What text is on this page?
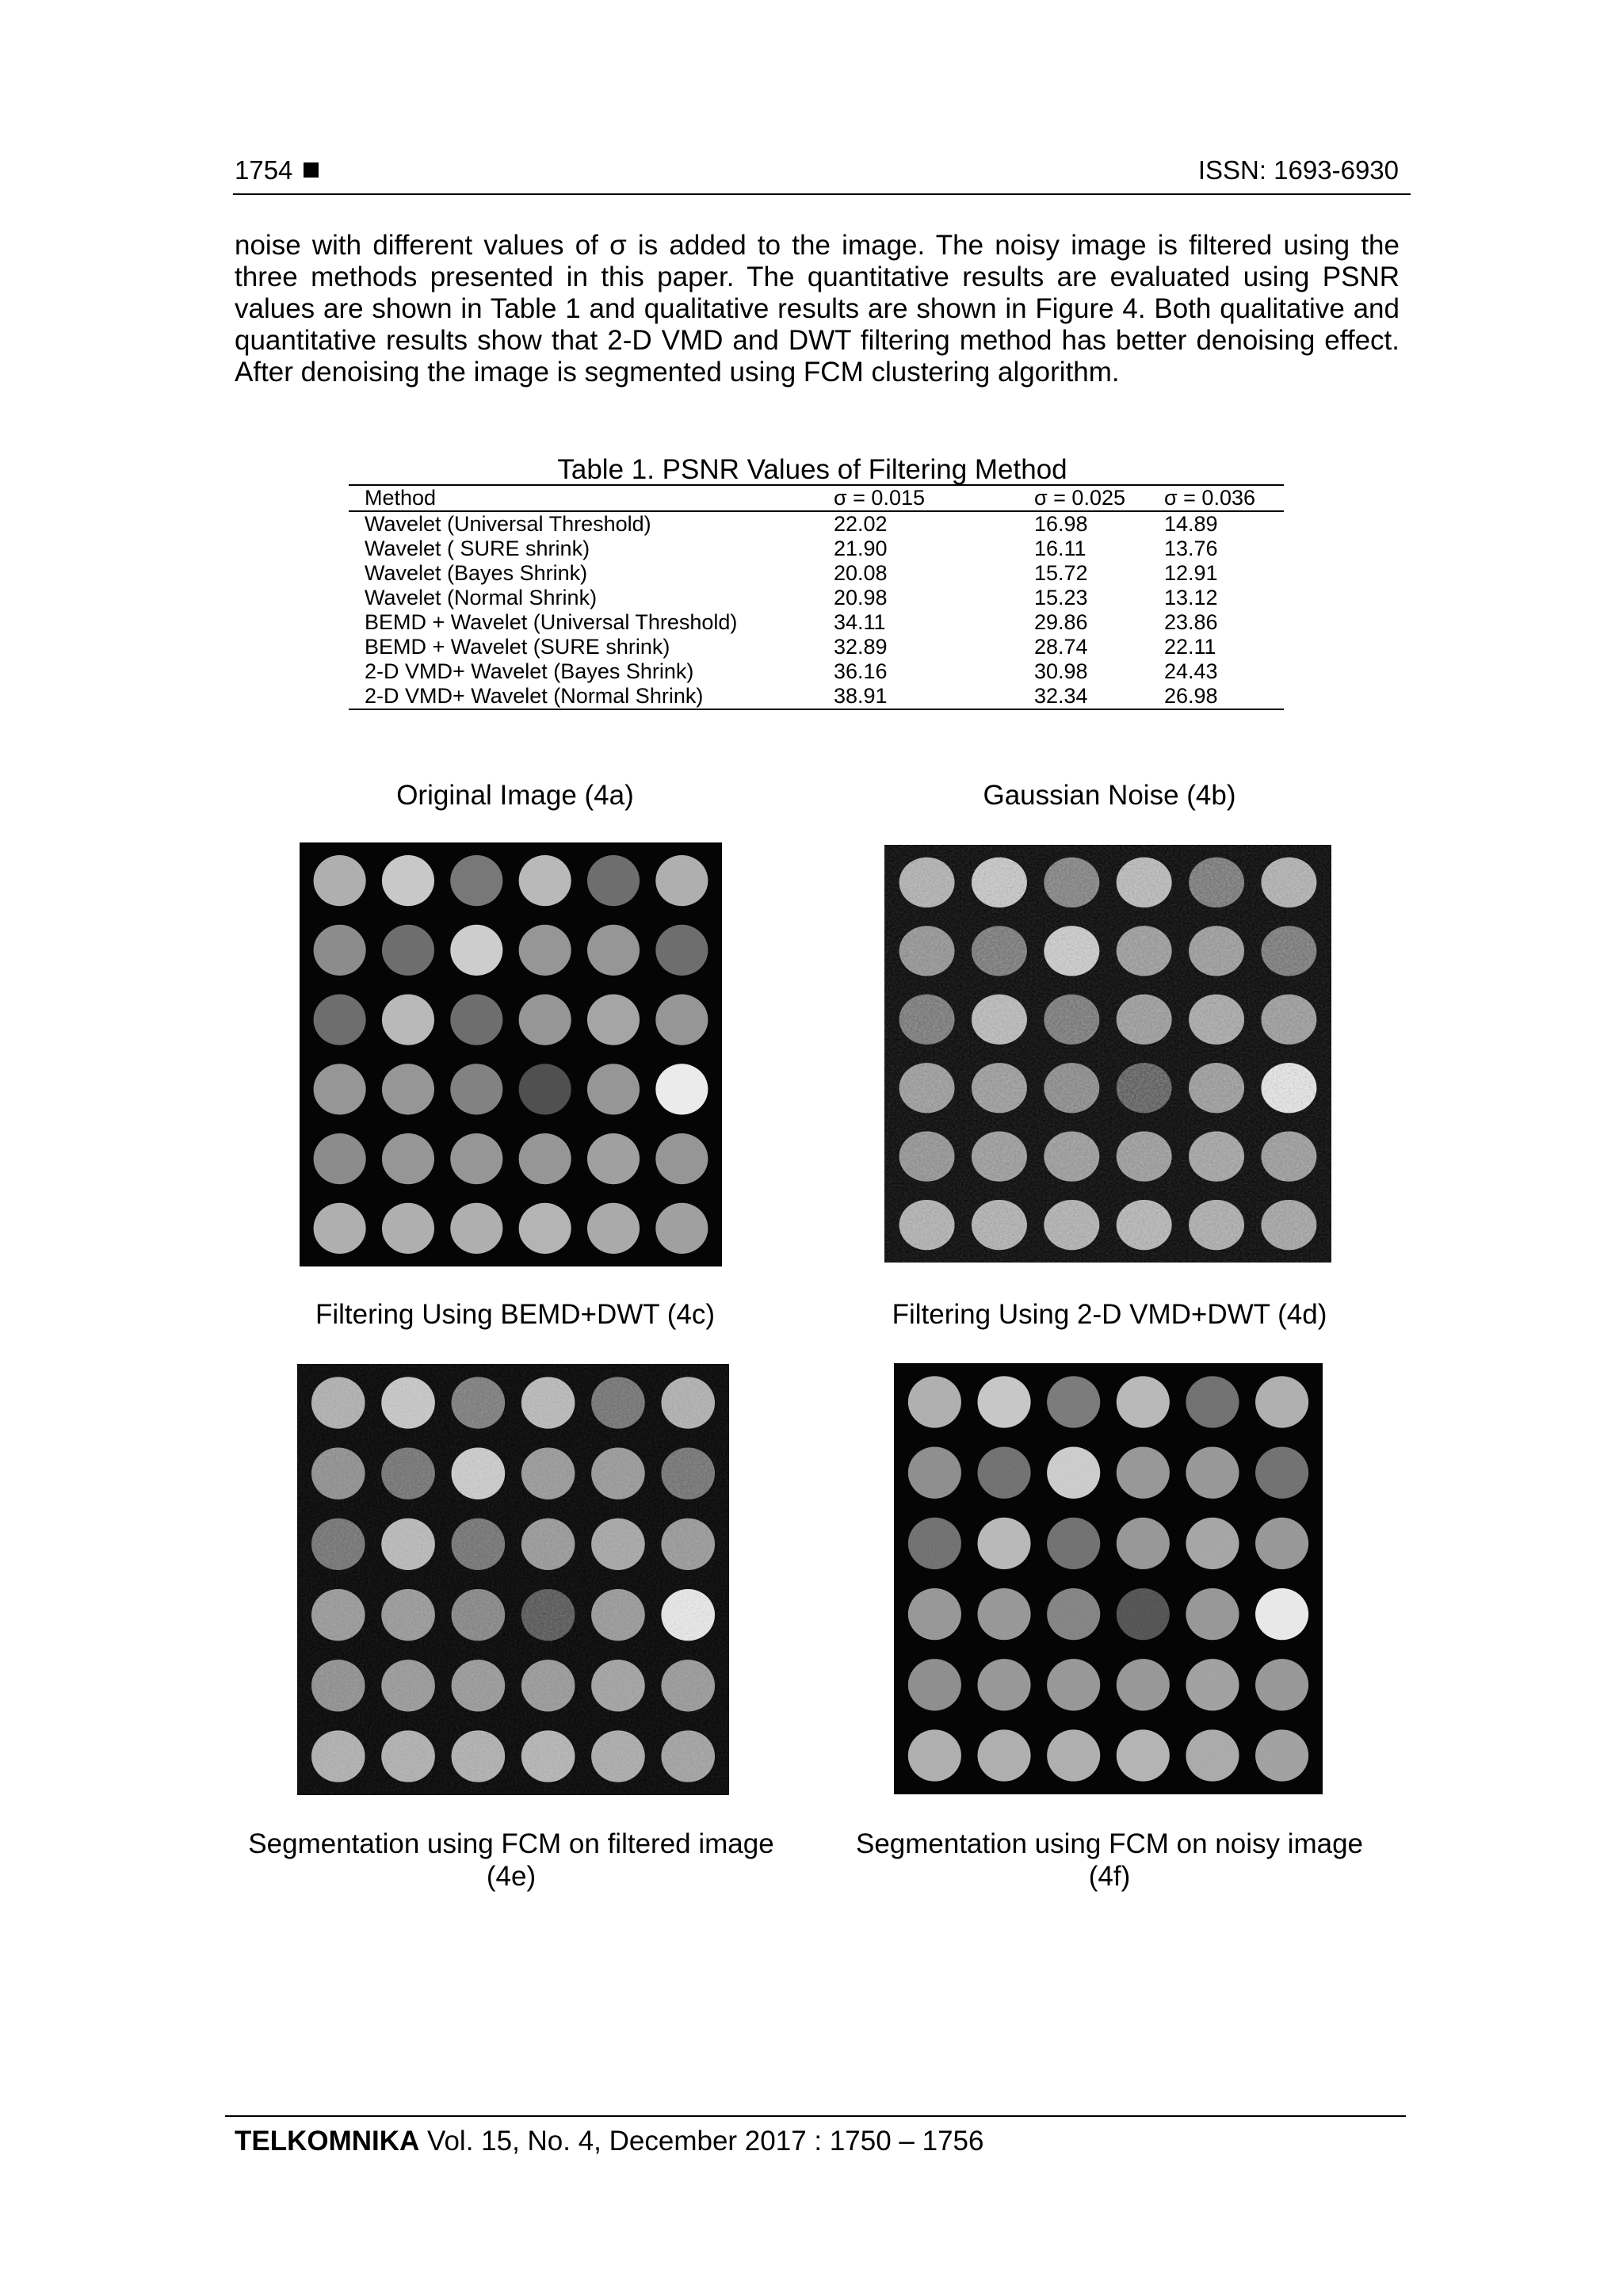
1754	ISSN: 1693-6930
noise with different values of σ is added to the image. The noisy image is filtered using the three methods presented in this paper. The quantitative results are evaluated using PSNR values are shown in Table 1 and qualitative results are shown in Figure 4. Both qualitative and quantitative results show that 2-D VMD and DWT filtering method has better denoising effect. After denoising the image is segmented using FCM clustering algorithm.
Table 1. PSNR Values of Filtering Method
Method	σ = 0.015	σ = 0.025	σ = 0.036
Wavelet (Universal Threshold)	22.02	16.98	14.89
Wavelet ( SURE shrink)	21.90	16.11	13.76
Wavelet (Bayes Shrink)	20.08	15.72	12.91
Wavelet (Normal Shrink)	20.98	15.23	13.12
BEMD + Wavelet (Universal Threshold)	34.11	29.86	23.86
BEMD + Wavelet (SURE shrink)	32.89	28.74	22.11
2-D VMD+ Wavelet (Bayes Shrink)	36.16	30.98	24.43
2-D VMD+ Wavelet (Normal Shrink)	38.91	32.34	26.98
Original Image (4a)	Gaussian Noise (4b)
Filtering Using BEMD+DWT (4c)	Filtering Using 2-D VMD+DWT (4d)
Segmentation using FCM on filtered image
(4e)
Segmentation using FCM on noisy image
(4f)
TELKOMNIKA Vol. 15, No. 4, December 2017 : 1750 – 1756
